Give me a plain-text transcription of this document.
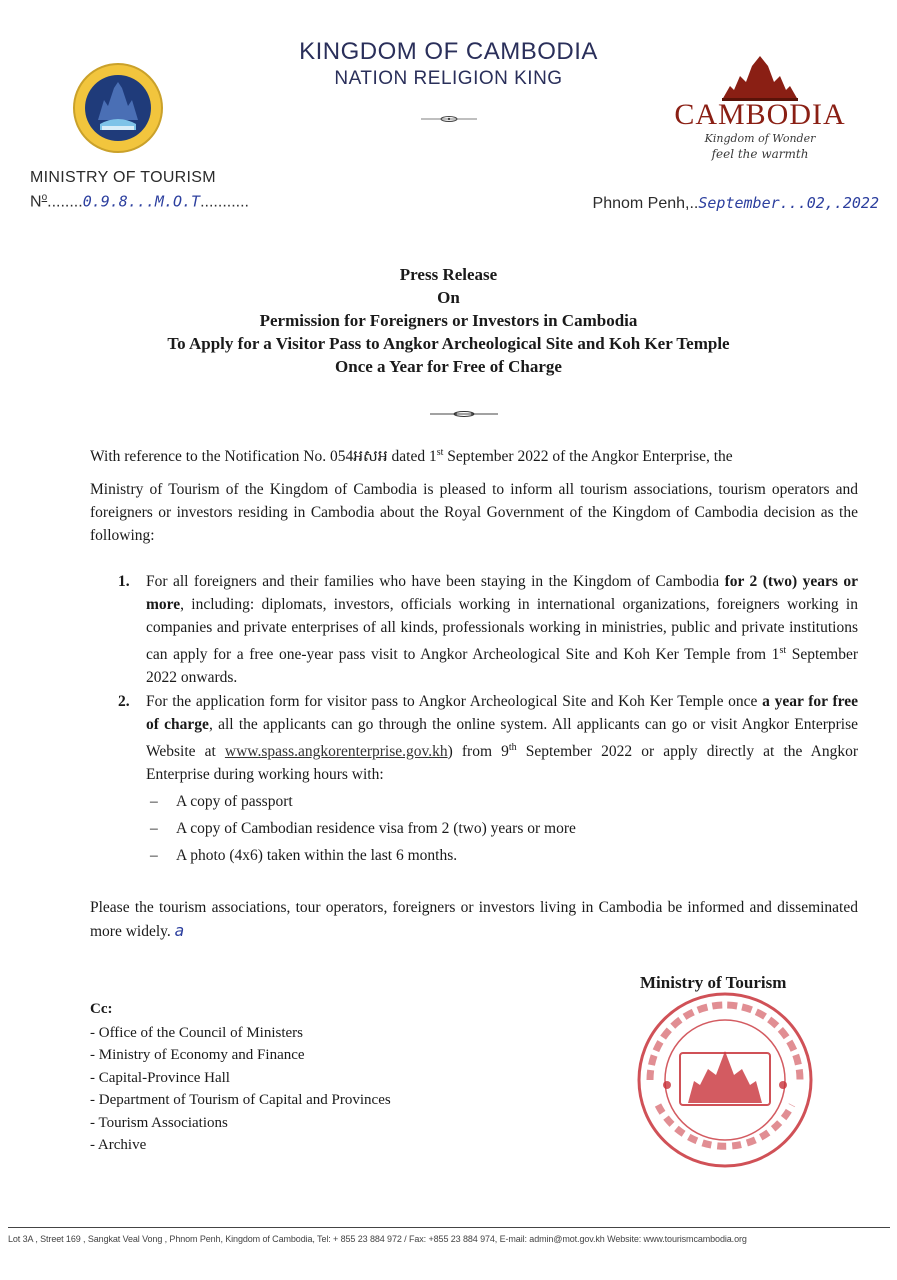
KINGDOM OF CAMBODIA
NATION RELIGION KING
CAMBODIA
Kingdom of Wonder
feel the warmth
MINISTRY OF TOURISM
$N^o........0.9.8...M.O.T$...........	Phnom Penh,..September...02,.2022
Press Release
On
Permission for Foreigners or Investors in Cambodia
To Apply for a Visitor Pass to Angkor Archeological Site and Koh Ker Temple
Once a Year for Free of Charge
With reference to the Notification No. 054ឣសអ dated 1st September 2022 of the Angkor Enterprise, the
Ministry of Tourism of the Kingdom of Cambodia is pleased to inform all tourism associations, tourism operators and foreigners or investors residing in Cambodia about the Royal Government of the Kingdom of Cambodia decision as the following:
1. For all foreigners and their families who have been staying in the Kingdom of Cambodia for 2 (two) years or more, including: diplomats, investors, officials working in international organizations, foreigners working in companies and private enterprises of all kinds, professionals working in ministries, public and private institutions can apply for a free one-year pass visit to Angkor Archeological Site and Koh Ker Temple from 1st September 2022 onwards.
2. For the application form for visitor pass to Angkor Archeological Site and Koh Ker Temple once a year for free of charge, all the applicants can go through the online system. All applicants can go or visit Angkor Enterprise Website at www.spass.angkorenterprise.gov.kh) from 9th September 2022 or apply directly at the Angkor Enterprise during working hours with:
– A copy of passport
– A copy of Cambodian residence visa from 2 (two) years or more
– A photo (4x6) taken within the last 6 months.
Please the tourism associations, tour operators, foreigners or investors living in Cambodia be informed and disseminated more widely. a
Ministry of Tourism
Cc:
- Office of the Council of Ministers
- Ministry of Economy and Finance
- Capital-Province Hall
- Department of Tourism of Capital and Provinces
- Tourism Associations
- Archive
Lot 3A , Street 169 , Sangkat Veal Vong , Phnom Penh, Kingdom of Cambodia, Tel: + 855 23 884 972 / Fax: +855 23 884 974, E-mail: admin@mot.gov.kh Website: www.tourismcambodia.org
